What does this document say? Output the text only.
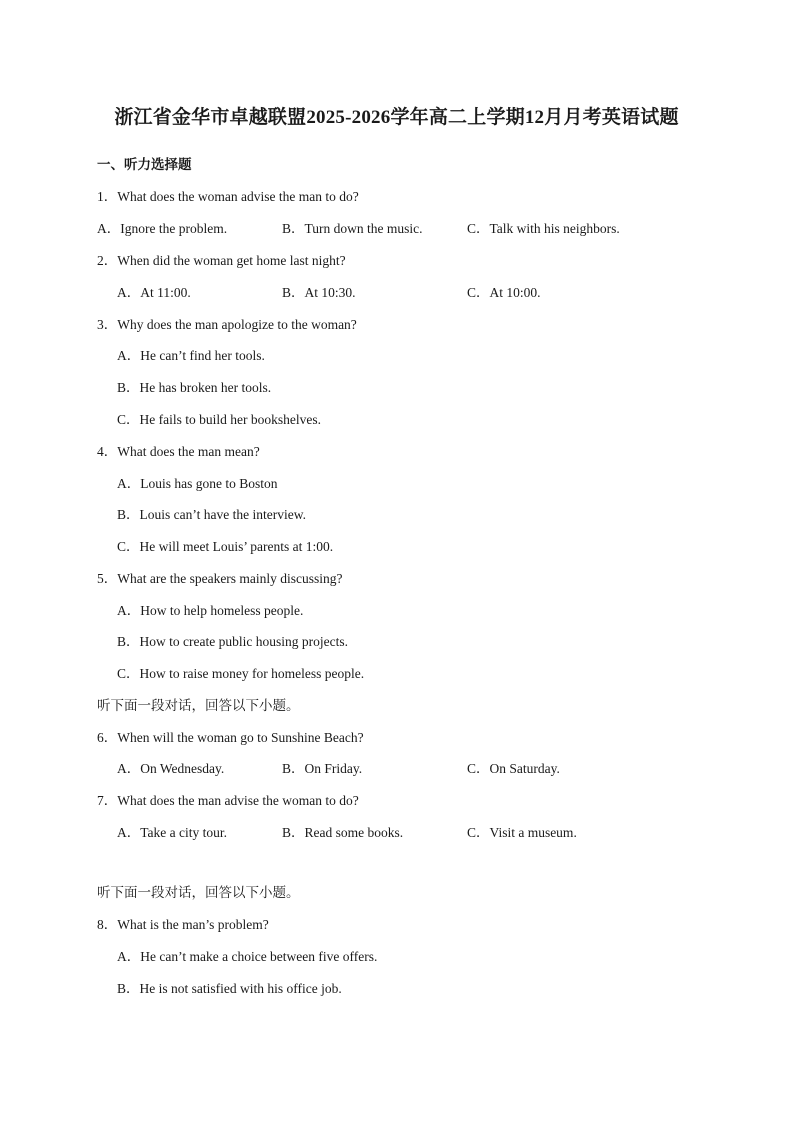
浙江省金华市卓越联盟2025-2026学年高二上学期12月月考英语试题
一、听力选择题
1．What does the woman advise the man to do?
A．Ignore the problem.	B．Turn down the music.	C．Talk with his neighbors.
2．When did the woman get home last night?
A．At 11:00.	B．At 10:30.	C．At 10:00.
3．Why does the man apologize to the woman?
A．He can’t find her tools.
B．He has broken her tools.
C．He fails to build her bookshelves.
4．What does the man mean?
A．Louis has gone to Boston
B．Louis can’t have the interview.
C．He will meet Louis’ parents at 1:00.
5．What are the speakers mainly discussing?
A．How to help homeless people.
B．How to create public housing projects.
C．How to raise money for homeless people.
听下面一段对话，回答以下小题。
6．When will the woman go to Sunshine Beach?
A．On Wednesday.	B．On Friday.	C．On Saturday.
7．What does the man advise the woman to do?
A．Take a city tour.	B．Read some books.	C．Visit a museum.
听下面一段对话，回答以下小题。
8．What is the man’s problem?
A．He can’t make a choice between five offers.
B．He is not satisfied with his office job.
